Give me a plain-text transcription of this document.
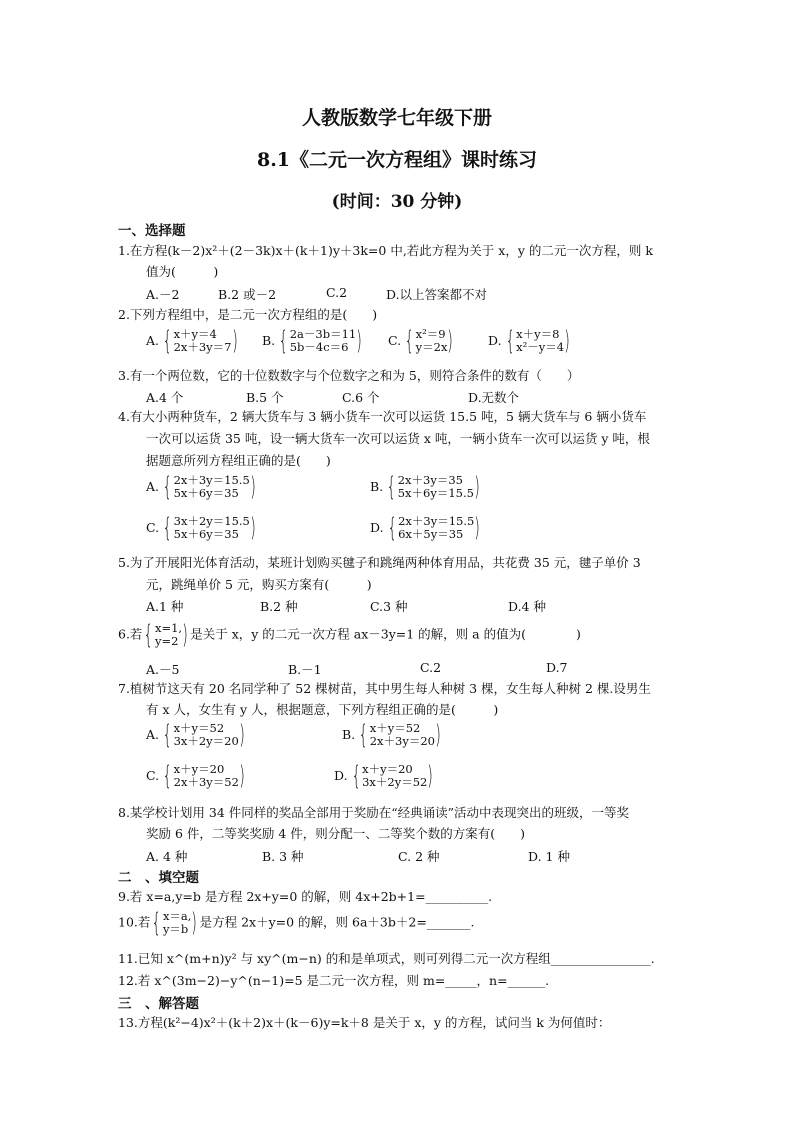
人教版数学七年级下册
8.1《二元一次方程组》课时练习
(时间：30 分钟)
一、选择题
1.在方程(k－2)x²＋(2－3k)x＋(k＋1)y＋3k=0 中,若此方程为关于 x，y 的二元一次方程，则 k
值为(　　　)
A.－2	B.2 或－2	C.2	D.以上答案都不对
2.下列方程组中，是二元一次方程组的是(　　)
A. { x＋y＝4
2x＋3y＝7 ) B. { 2a－3b＝11
5b－4c＝6 ) C. { x²＝9
y＝2x )	D. { x＋y＝8
x²－y＝4 )
3.有一个两位数，它的十位数数字与个位数字之和为 5，则符合条件的数有（　　）
A.4 个	B.5 个	C.6 个	D.无数个
4.有大小两种货车，2 辆大货车与 3 辆小货车一次可以运货 15.5 吨，5 辆大货车与 6 辆小货车
一次可以运货 35 吨，设一辆大货车一次可以运货 x 吨，一辆小货车一次可以运货 y 吨，根
据题意所列方程组正确的是(　　)
A. { 2x＋3y＝15.5
5x＋6y＝35 )	B. { 2x＋3y＝35
5x＋6y＝15.5 )
C. { 3x＋2y＝15.5
5x＋6y＝35 )	D. { 2x＋3y＝15.5
6x＋5y＝35 )
5.为了开展阳光体育活动，某班计划购买毽子和跳绳两种体育用品，共花费 35 元，毽子单价 3
元，跳绳单价 5 元，购买方案有(　　　)
A.1 种	B.2 种	C.3 种	D.4 种
6.若 { x=1,
y=2 ) 是关于 x，y 的二元一次方程 ax－3y=1 的解，则 a 的值为(　　　　)
A.－5	B.－1	C.2	D.7
7.植树节这天有 20 名同学种了 52 棵树苗，其中男生每人种树 3 棵，女生每人种树 2 棵.设男生
有 x 人，女生有 y 人，根据题意，下列方程组正确的是(　　　)
A. { x＋y＝52
3x＋2y＝20 )	B. { x＋y＝52
2x＋3y＝20 )
C. { x＋y＝20
2x＋3y＝52 )	D. { x＋y＝20
3x＋2y＝52 )
8.某学校计划用 34 件同样的奖品全部用于奖励在“经典诵读”活动中表现突出的班级，一等奖
奖励 6 件，二等奖奖励 4 件，则分配一、二等奖个数的方案有(　　)
A. 4 种	B. 3 种	C. 2 种	D. 1 种
二　、填空题
9.若 x=a,y=b 是方程 2x+y=0 的解，则 4x+2b+1=__________.
10.若 { x＝a,
y＝b ) 是方程 2x＋y=0 的解，则 6a＋3b＋2=_______.
11.已知 x^(m+n)y² 与 xy^(m−n) 的和是单项式，则可列得二元一次方程组________________.
12.若 x^(3m−2)−y^(n−1)=5 是二元一次方程，则 m=_____，n=______.
三　、解答题
13.方程(k²−4)x²＋(k＋2)x＋(k－6)y=k＋8 是关于 x，y 的方程，试问当 k 为何值时：
